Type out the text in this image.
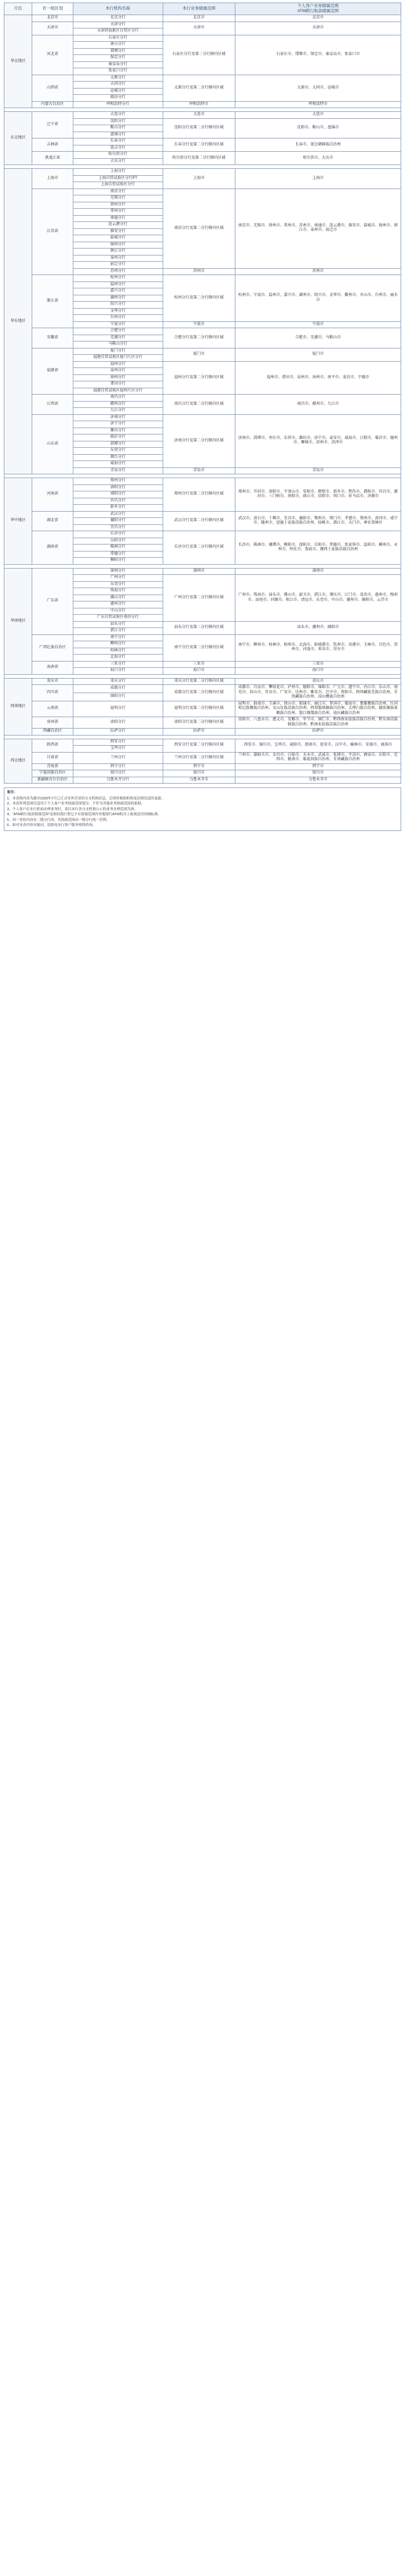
片区	省一级区划	本行机构名称	本行业务辖属范围	个人客户业务辖属范围
ATM跨行取款辖属范围

华北地区	北京市	北京分行	北京市	北京市
	天津市	天津分行	天津市	天津市
		天津滨海新区自贸区分行		
	河北省	石家庄分行	石家庄分行及第二分行辖内区域	石家庄市、邯郸市、保定市、秦皇岛市、张家口市
		唐山分行		
		邯郸分行		
		保定分行		
		秦皇岛分行		
		张家口分行		
	山西省	太原分行	太原分行及第二分行辖内区域	太原市、大同市、运城市
		大同分行		
		运城分行		
		临汾分行		
	内蒙古自治区	呼和浩特分行	呼和浩特市	呼和浩特市

东北地区	辽宁省	大连分行	大连市	大连市
		沈阳分行	沈阳分行及第二分行辖内区域	沈阳市、鞍山市、盘锦市
		鞍山分行		
		盘锦分行		
	吉林省	长春分行	长春分行及第二分行辖内区域	长春市、延边朝鲜族自治州
		延吉分行		
	黑龙江省	哈尔滨分行	哈尔滨分行及第二分行辖内区域	哈尔滨市、大庆市
		大庆分行		

华东地区	上海市	上海分行	上海市	上海市
		上海自贸试验区分行FT		
		上海自贸试验区分行		
	江苏省	南京分行	南京分行及第二分行辖内区域	南京市、无锡市、徐州市、常州市、苏州市、南通市、连云港市、淮安市、盐城市、扬州市、镇江市、泰州市、宿迁市
		无锡分行		
		徐州分行		
		常州分行		
		南通分行		
		连云港分行		
		淮安分行		
		盐城分行		
		扬州分行		
		镇江分行		
		泰州分行		
		宿迁分行		
		苏州分行	苏州市	苏州市
	浙江省	杭州分行	杭州分行及第二分行辖内区域	杭州市、宁波市、温州市、嘉兴市、湖州市、绍兴市、金华市、衢州市、舟山市、台州市、丽水市
		温州分行		
		嘉兴分行		
		湖州分行		
		绍兴分行		
		金华分行		
		台州分行		
		宁波分行	宁波市	宁波市
	安徽省	合肥分行	合肥分行及第二分行辖内区域	合肥市、芜湖市、马鞍山市
		芜湖分行		
		马鞍山分行		
	福建省	厦门分行	厦门市	厦门市
		福建自贸试验区厦门片区分行		
		福州分行	福州分行及第二分行辖内区域	福州市、莆田市、泉州市、漳州市、南平市、龙岩市、宁德市
		泉州分行		
		漳州分行		
		莆田分行		
		福建自贸试验区福州片区分行		
	江西省	南昌分行	南昌分行及第二分行辖内区域	南昌市、赣州市、九江市
		赣州分行		
		九江分行		
	山东省	济南分行	济南分行及第二分行辖内区域	济南市、淄博市、枣庄市、东营市、潍坊市、济宁市、泰安市、威海市、日照市、临沂市、德州市、聊城市、滨州市、菏泽市
		济宁分行		
		潍坊分行		
		临沂分行		
		淄博分行		
		东营分行		
		烟台分行		
		威海分行		
		青岛分行	青岛市	青岛市

华中地区	河南省	郑州分行	郑州分行及第二分行辖内区域	郑州市、开封市、洛阳市、平顶山市、安阳市、鹤壁市、新乡市、焦作市、濮阳市、许昌市、漯河市、三门峡市、南阳市、商丘市、信阳市、周口市、驻马店市、济源市
		洛阳分行		
		南阳分行		
		许昌分行		
		新乡分行		
	湖北省	武汉分行	武汉分行及第二分行辖内区域	武汉市、黄石市、十堰市、宜昌市、襄阳市、鄂州市、荆门市、孝感市、荆州市、黄冈市、咸宁市、随州市、恩施土家族苗族自治州、仙桃市、潜江市、天门市、神农架林区
		襄阳分行		
		宜昌分行		
	湖南省	长沙分行	长沙分行及第二分行辖内区域	长沙市、株洲市、湘潭市、衡阳市、邵阳市、岳阳市、常德市、张家界市、益阳市、郴州市、永州市、怀化市、娄底市、湘西土家族苗族自治州
		岳阳分行		
		株洲分行		
		常德分行		
		衡阳分行		

华南地区	广东省	深圳分行	深圳市	深圳市
		广州分行	广州分行及第二分行辖内区域	广州市、珠海市、汕头市、佛山市、韶关市、湛江市、肇庆市、江门市、茂名市、惠州市、梅州市、汕尾市、河源市、阳江市、清远市、东莞市、中山市、潮州市、揭阳市、云浮市
		东莞分行		
		珠海分行		
		佛山分行		
		惠州分行		
		中山分行		
		广东自贸试验区南沙分行		
		汕头分行	汕头分行及第二分行辖内区域	汕头市、潮州市、揭阳市
		湛江分行		
	广西壮族自治区	南宁分行	南宁分行及第二分行辖内区域	南宁市、柳州市、桂林市、梧州市、北海市、防城港市、钦州市、贵港市、玉林市、百色市、贺州市、河池市、来宾市、崇左市
		柳州分行		
		桂林分行		
		北海分行		
	海南省	三亚分行	三亚市	三亚市
		海口分行	海口市	海口市

西南地区	重庆市	重庆分行	重庆分行及第二分行辖内区域	重庆市
	四川省	成都分行	成都分行及第二分行辖内区域	成都市、自贡市、攀枝花市、泸州市、德阳市、绵阳市、广元市、遂宁市、内江市、乐山市、南充市、眉山市、宜宾市、广安市、达州市、雅安市、巴中市、资阳市、阿坝藏族羌族自治州、甘孜藏族自治州、凉山彝族自治州
		绵阳分行		
	云南省	昆明分行	昆明分行及第二分行辖内区域	昆明市、曲靖市、玉溪市、保山市、昭通市、丽江市、普洱市、临沧市、楚雄彝族自治州、红河哈尼族彝族自治州、文山壮族苗族自治州、西双版纳傣族自治州、大理白族自治州、德宏傣族景颇族自治州、怒江傈僳族自治州、迪庆藏族自治州
	贵州省	贵阳分行	贵阳分行及第二分行辖内区域	贵阳市、六盘水市、遵义市、安顺市、毕节市、铜仁市、黔西南布依族苗族自治州、黔东南苗族侗族自治州、黔南布依族苗族自治州
	西藏自治区	拉萨分行	拉萨市	拉萨市

西北地区	陕西省	西安分行	西安分行及第二分行辖内区域	西安市、铜川市、宝鸡市、咸阳市、渭南市、延安市、汉中市、榆林市、安康市、商洛市
		宝鸡分行		
	甘肃省	兰州分行	兰州分行及第二分行辖内区域	兰州市、嘉峪关市、金昌市、白银市、天水市、武威市、张掖市、平凉市、酒泉市、庆阳市、定西市、陇南市、临夏回族自治州、甘南藏族自治州
	青海省	西宁分行	西宁市	西宁市
	宁夏回族自治区	银川分行	银川市	银川市
	新疆维吾尔自治区	乌鲁木齐分行	乌鲁木齐市	乌鲁木齐市
备注：
1、本表格内容为截至2020年7月已正式对外营业的分支机构信息，后续将根据机构变动情况适时更新。
2、本表所列范围仅适用于个人客户业务辖属范围划分，不作为其他业务辖属范围的依据。
3、个人客户在本行柜面办理业务时，请以本行各分支机构公示的业务办理范围为准。
4、"ATM跨行取款辖属范围"是指持我行借记卡在辖属范围内其他银行ATM机具上取现适用同城标准。
5、同一省份内设有二级分行的，其辖属范围由一级分行统一管理。
6、如对本表内容有疑问，请致电本行客户服务热线咨询。
